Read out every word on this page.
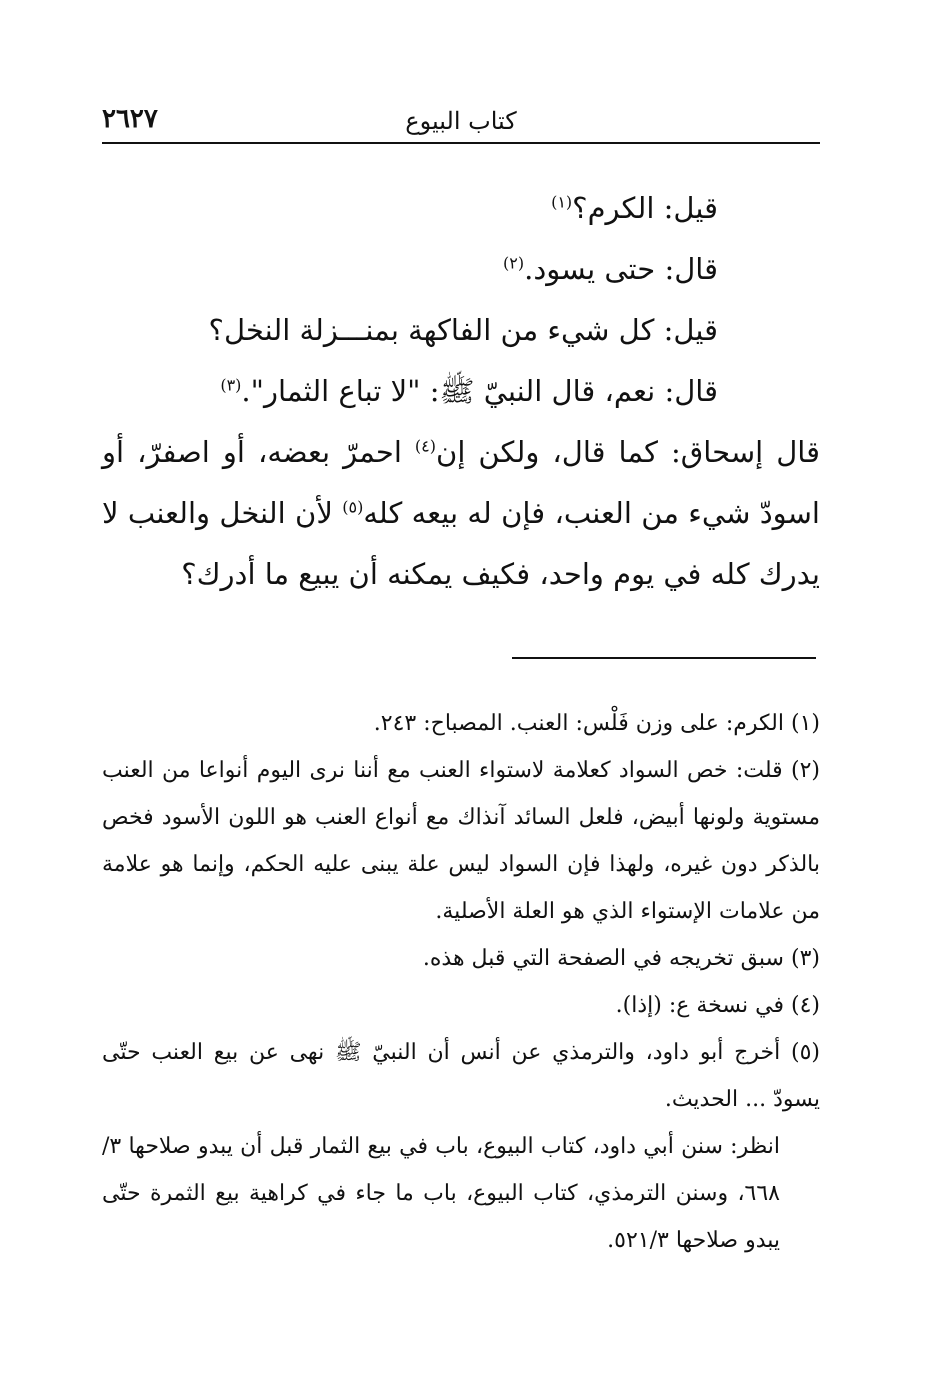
كتاب البيوع
٢٦٢٧
قيل: الكرم؟$^{(١)}$
قال: حتى يسود.$^{(٢)}$
قيل: كل شيء من الفاكهة بمنـــزلة النخل؟
قال: نعم، قال النبيّ ﷺ: "لا تباع الثمار".$^{(٣)}$
قال إسحاق: كما قال، ولكن إن$^{(٤)}$ احمرّ بعضه، أو اصفرّ، أو اسودّ شيء من العنب، فإن له بيعه كله$^{(٥)}$ لأن النخل والعنب لا يدرك كله في يوم واحد، فكيف يمكنه أن يبيع ما أدرك؟
(١) الكرم: على وزن فَلْس: العنب. المصباح: ٢٤٣.
(٢) قلت: خص السواد كعلامة لاستواء العنب مع أننا نرى اليوم أنواعا من العنب مستوية ولونها أبيض، فلعل السائد آنذاك مع أنواع العنب هو اللون الأسود فخص بالذكر دون غيره، ولهذا فإن السواد ليس علة يبنى عليه الحكم، وإنما هو علامة من علامات الإستواء الذي هو العلة الأصلية.
(٣) سبق تخريجه في الصفحة التي قبل هذه.
(٤) في نسخة ع: (إذا).
(٥) أخرج أبو داود، والترمذي عن أنس أن النبيّ ﷺ نهى عن بيع العنب حتّى يسودّ ... الحديث.
انظر: سنن أبي داود، كتاب البيوع، باب في بيع الثمار قبل أن يبدو صلاحها ٣/ ٦٦٨، وسنن الترمذي، كتاب البيوع، باب ما جاء في كراهية بيع الثمرة حتّى يبدو صلاحها ٥٢١/٣.
